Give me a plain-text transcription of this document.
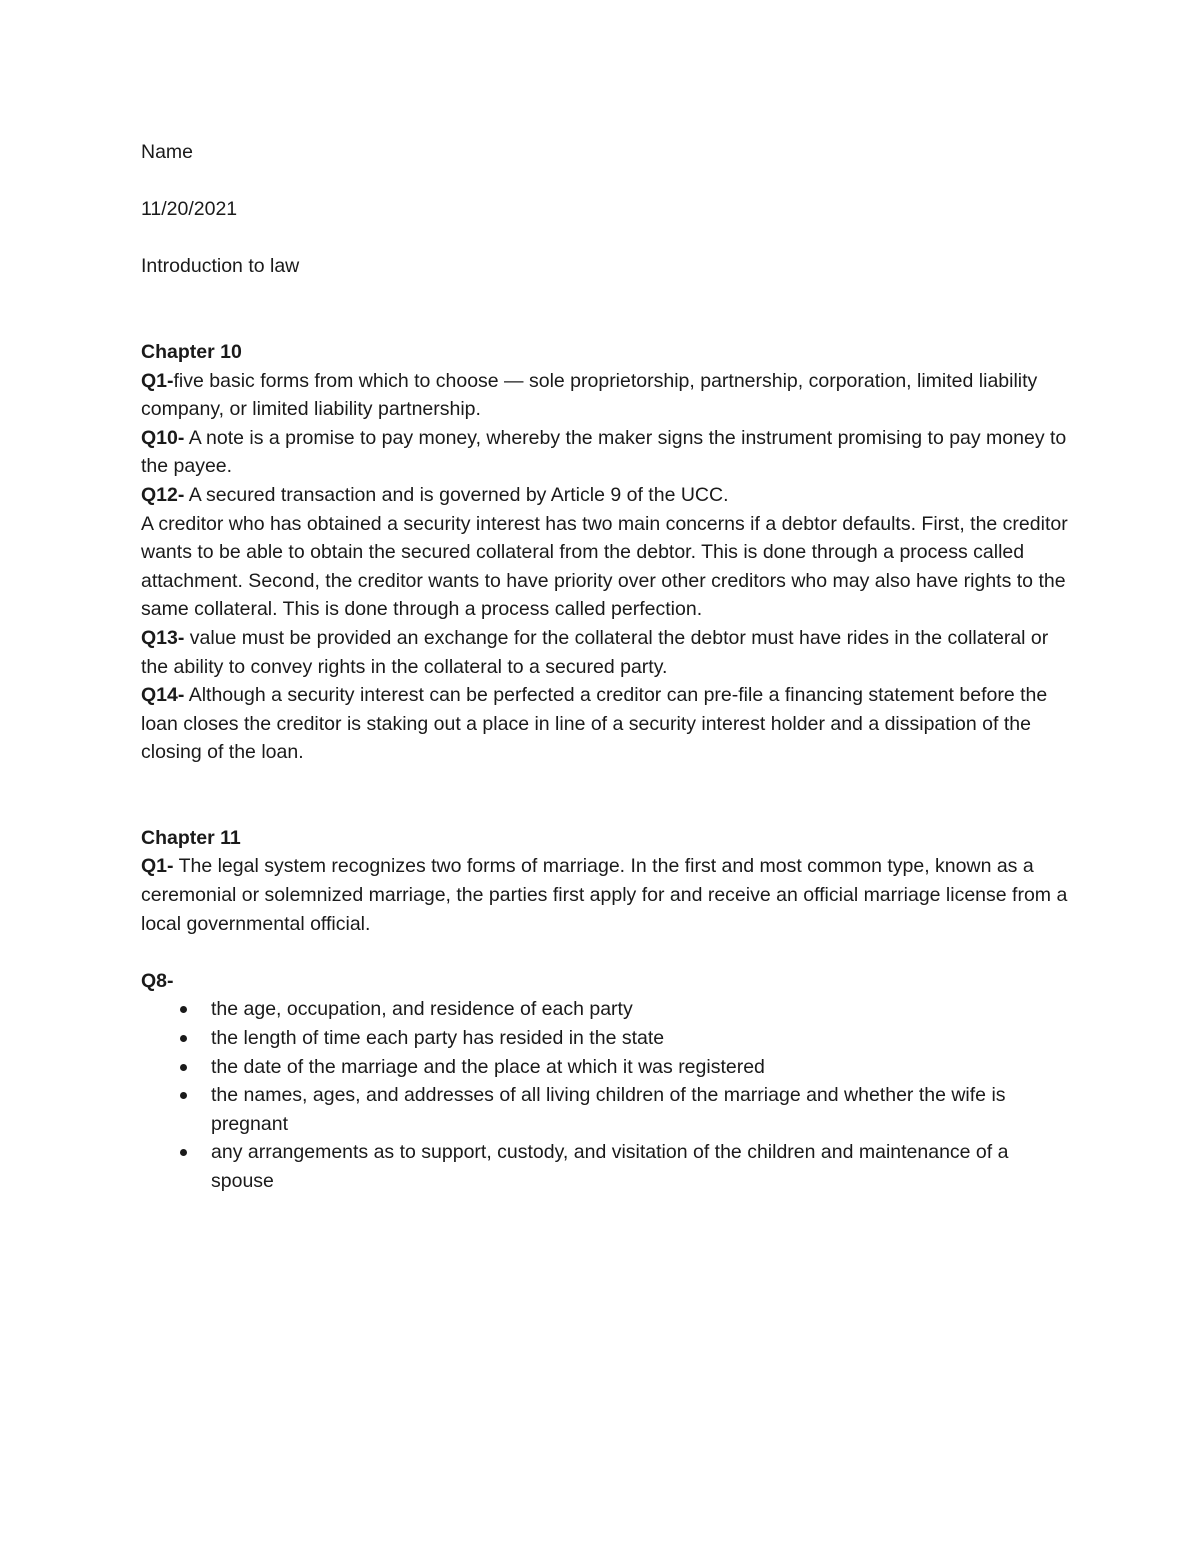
Name

11/20/2021

Introduction to law

Chapter 10

Q1-five basic forms from which to choose — sole proprietorship, partnership, corporation, limited liability company, or limited liability partnership.

Q10- A note is a promise to pay money, whereby the maker signs the instrument promising to pay money to the payee.

Q12- A secured transaction and is governed by Article 9 of the UCC.

A creditor who has obtained a security interest has two main concerns if a debtor defaults. First, the creditor wants to be able to obtain the secured collateral from the debtor. This is done through a process called attachment. Second, the creditor wants to have priority over other creditors who may also have rights to the same collateral. This is done through a process called perfection.

Q13- value must be provided an exchange for the collateral the debtor must have rides in the collateral or the ability to convey rights in the collateral to a secured party.

Q14- Although a security interest can be perfected a creditor can pre-file a financing statement before the loan closes the creditor is staking out a place in line of a security interest holder and a dissipation of the closing of the loan.

Chapter 11

Q1- The legal system recognizes two forms of marriage. In the first and most common type, known as a ceremonial or solemnized marriage, the parties first apply for and receive an official marriage license from a local governmental official.

Q8-

the age, occupation, and residence of each party
the length of time each party has resided in the state
the date of the marriage and the place at which it was registered
the names, ages, and addresses of all living children of the marriage and whether the wife is pregnant
any arrangements as to support, custody, and visitation of the children and maintenance of a spouse
